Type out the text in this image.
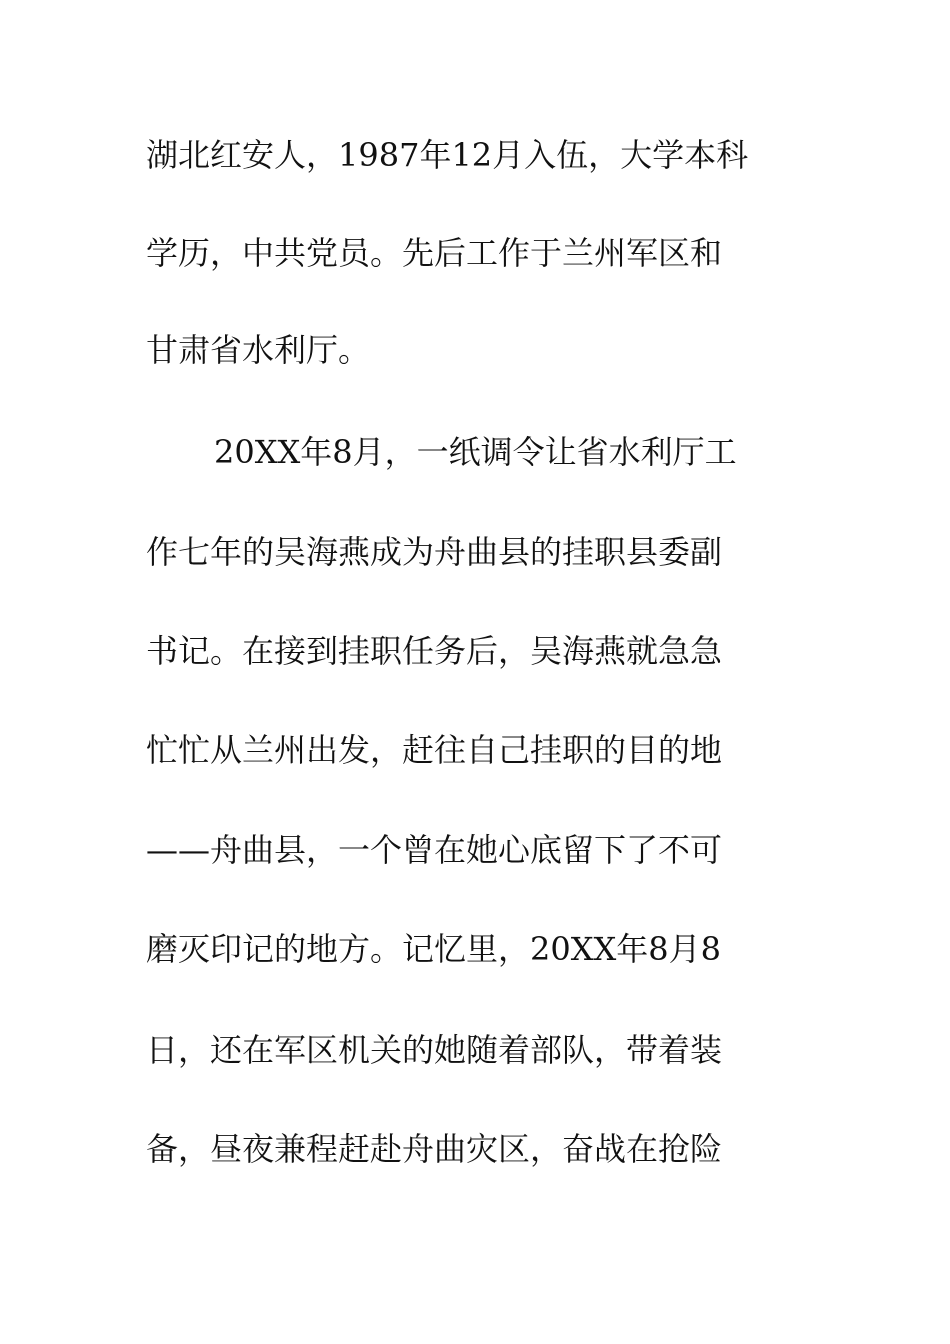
湖北红安人，1987年12月入伍，大学本科

学历，中共党员。先后工作于兰州军区和

甘肃省水利厅。

20XX年8月，一纸调令让省水利厅工

作七年的吴海燕成为舟曲县的挂职县委副

书记。在接到挂职任务后，吴海燕就急急

忙忙从兰州出发，赶往自己挂职的目的地

——舟曲县，一个曾在她心底留下了不可

磨灭印记的地方。记忆里，20XX年8月8

日，还在军区机关的她随着部队，带着装

备，昼夜兼程赶赴舟曲灾区，奋战在抢险
